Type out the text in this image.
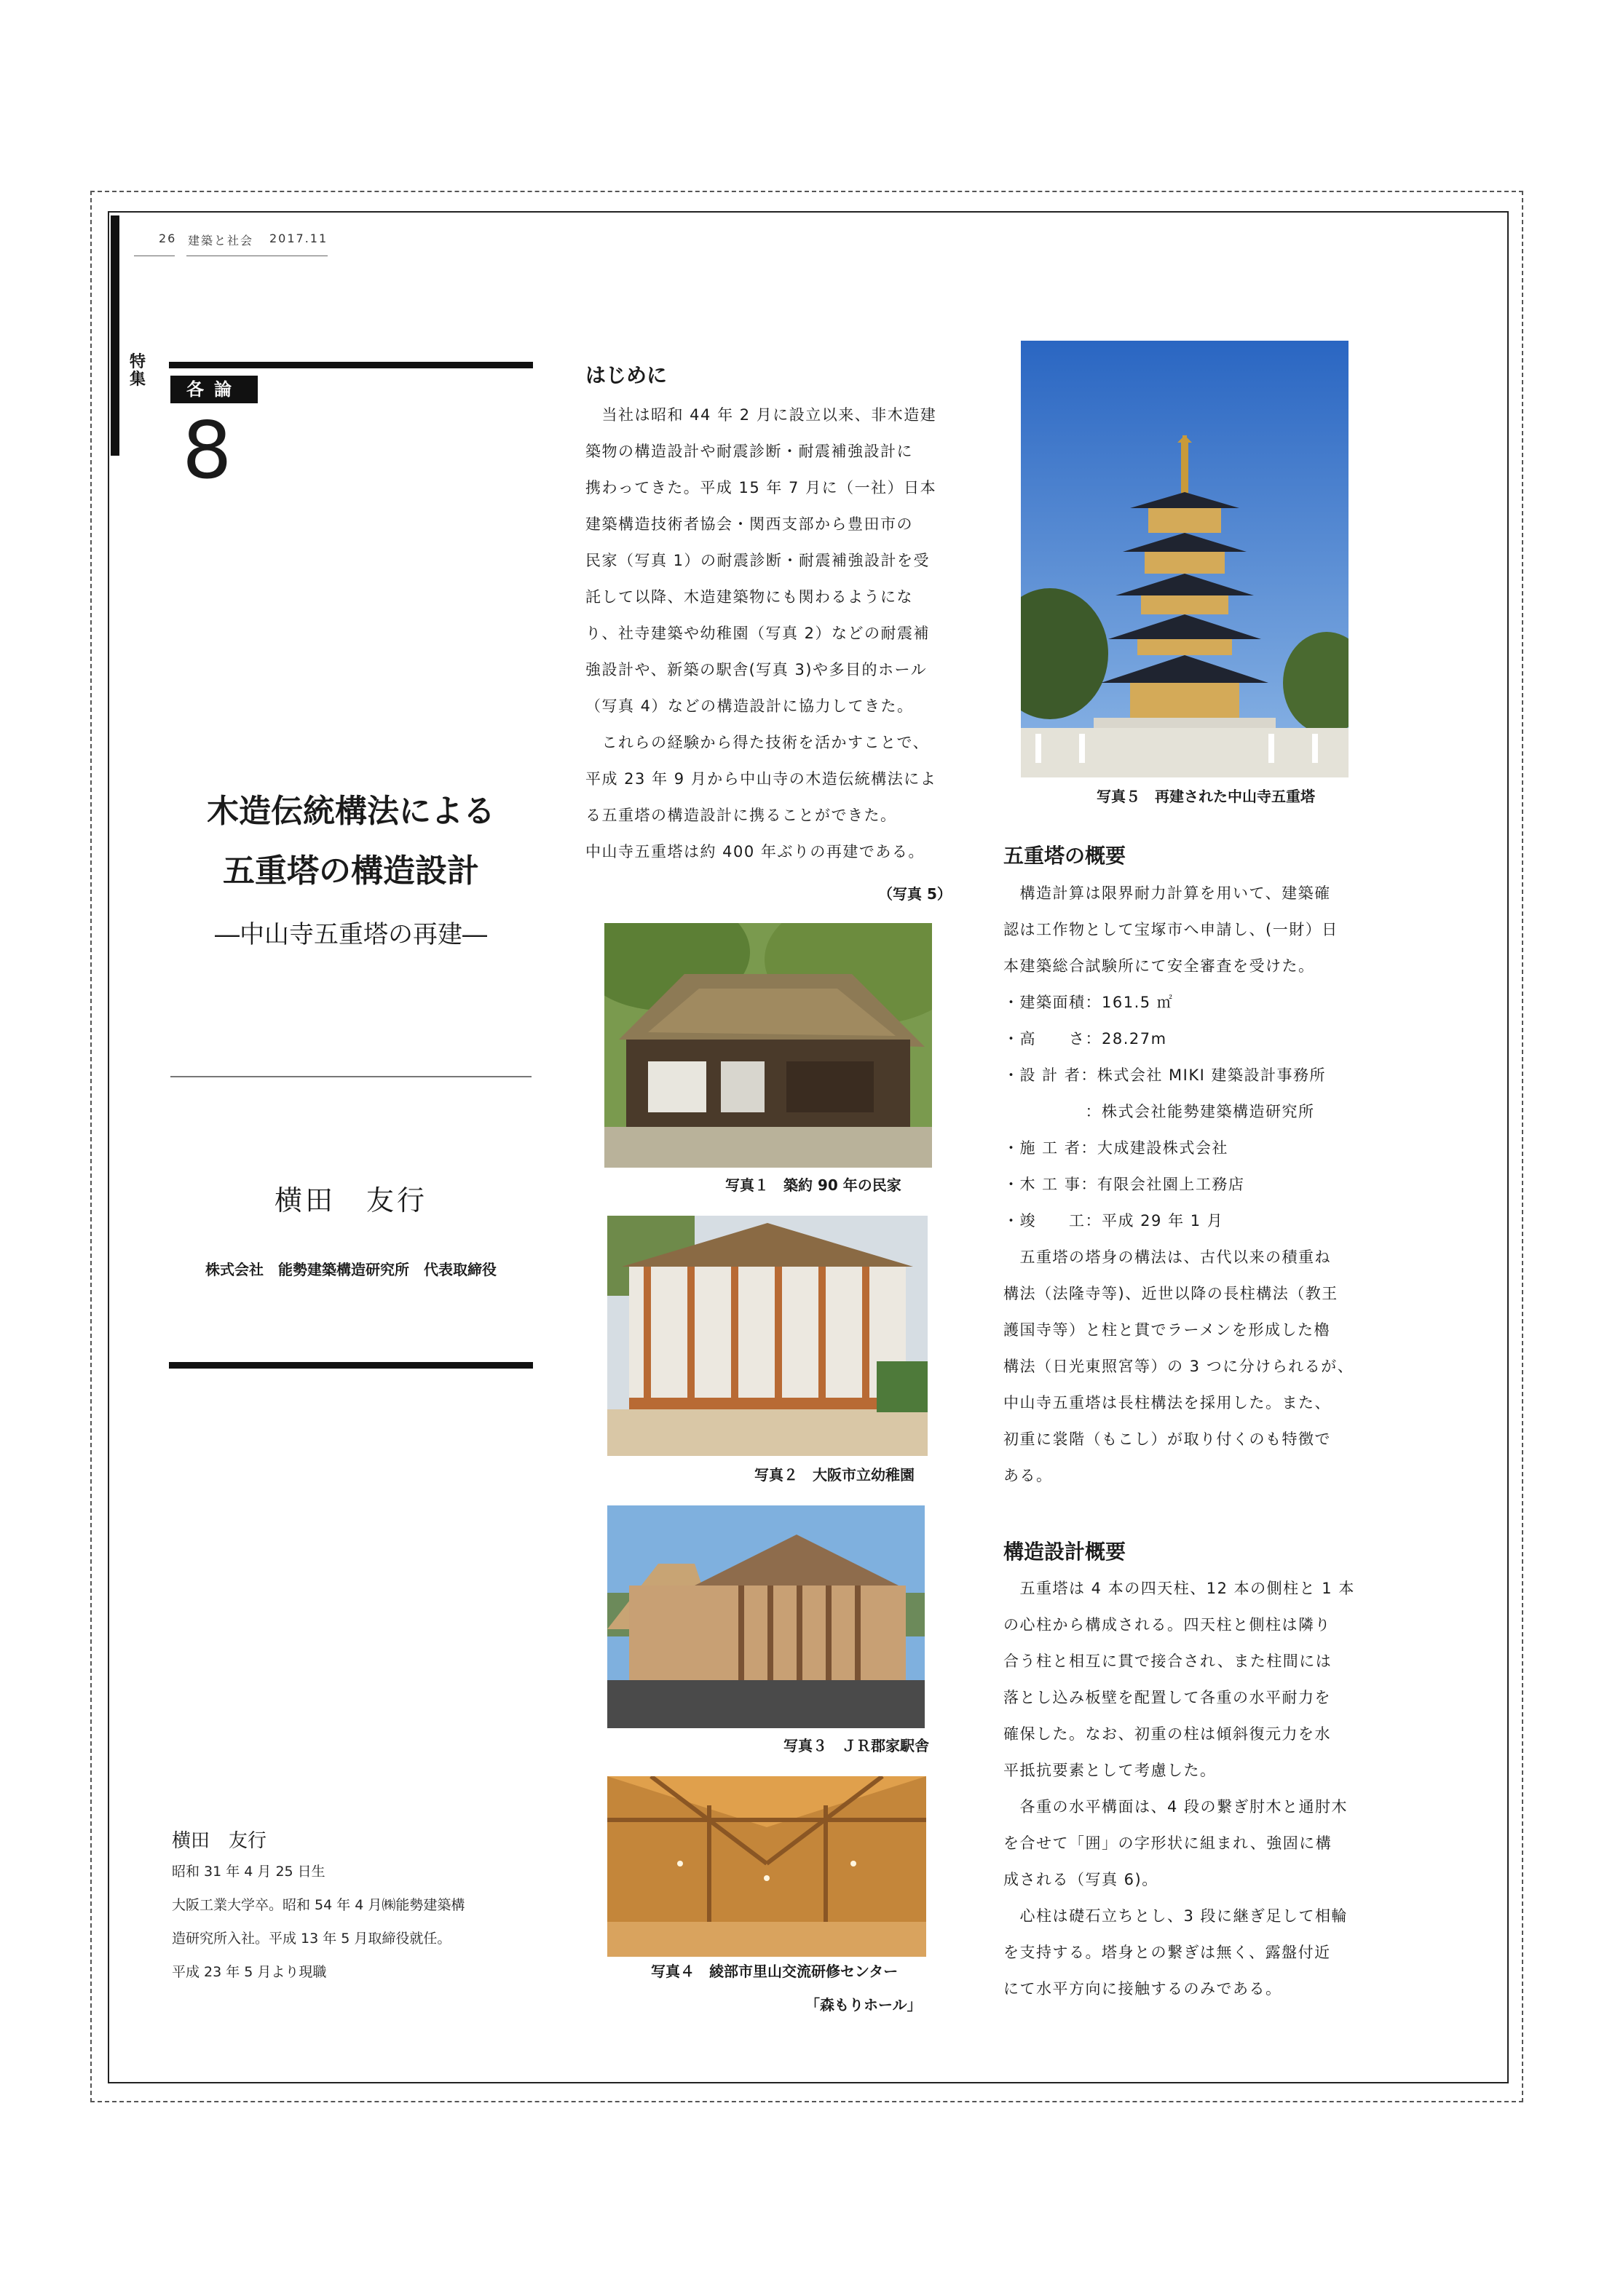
26 建築と社会 2017.11
特集	各論
8
木造伝統構法による
五重塔の構造設計
―中山寺五重塔の再建―
横田　友行
株式会社　能勢建築構造研究所　代表取締役
横田　友行
昭和 31 年 4 月 25 日生
大阪工業大学卒。昭和 54 年 4 月㈱能勢建築構
造研究所入社。平成 13 年 5 月取締役就任。
平成 23 年 5 月より現職
はじめに
　当社は昭和 44 年 2 月に設立以来、非木造建
築物の構造設計や耐震診断・耐震補強設計に
携わってきた。平成 15 年 7 月に（一社）日本
建築構造技術者協会・関西支部から豊田市の
民家（写真 1）の耐震診断・耐震補強設計を受
託して以降、木造建築物にも関わるようにな
り、社寺建築や幼稚園（写真 2）などの耐震補
強設計や、新築の駅舎(写真 3)や多目的ホール
（写真 4）などの構造設計に協力してきた。
　これらの経験から得た技術を活かすことで、
平成 23 年 9 月から中山寺の木造伝統構法によ
る五重塔の構造設計に携ることができた。
中山寺五重塔は約 400 年ぶりの再建である。
（写真 5）
写真１　築約 90 年の民家
写真２　大阪市立幼稚園
写真３　ＪＲ郡家駅舎
写真４　綾部市里山交流研修センター
「森もりホール」
写真５　再建された中山寺五重塔
五重塔の概要
　構造計算は限界耐力計算を用いて、建築確
認は工作物として宝塚市へ申請し、(一財）日
本建築総合試験所にて安全審査を受けた。
・建築面積：161.5 ㎡
・高　　さ：28.27m
・設 計 者：株式会社 MIKI 建築設計事務所
　　　　　：株式会社能勢建築構造研究所
・施 工 者：大成建設株式会社
・木 工 事：有限会社園上工務店
・竣　　工：平成 29 年 1 月
　五重塔の塔身の構法は、古代以来の積重ね
構法（法隆寺等)、近世以降の長柱構法（教王
護国寺等）と柱と貫でラーメンを形成した櫓
構法（日光東照宮等）の 3 つに分けられるが、
中山寺五重塔は長柱構法を採用した。また、
初重に裳階（もこし）が取り付くのも特徴で
ある。
構造設計概要
　五重塔は 4 本の四天柱、12 本の側柱と 1 本
の心柱から構成される。四天柱と側柱は隣り
合う柱と相互に貫で接合され、また柱間には
落とし込み板壁を配置して各重の水平耐力を
確保した。なお、初重の柱は傾斜復元力を水
平抵抗要素として考慮した。
　各重の水平構面は、4 段の繋ぎ肘木と通肘木
を合せて「囲」の字形状に組まれ、強固に構
成される（写真 6)。
　心柱は礎石立ちとし、3 段に継ぎ足して相輪
を支持する。塔身との繋ぎは無く、露盤付近
にて水平方向に接触するのみである。
